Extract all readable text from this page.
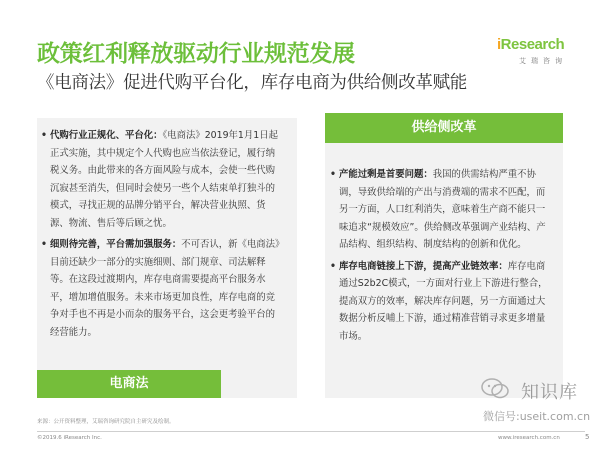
政策红利释放驱动行业规范发展
《电商法》促进代购平台化，库存电商为供给侧改革赋能
iResearch
艾瑞咨询
供给侧改革
电商法
• 代购行业正规化、平台化：《电商法》2019年1月1日起正式实施，其中规定个人代购也应当依法登记，履行纳税义务。由此带来的各方面风险与成本，会使一些代购沉寂甚至消失，但同时会使另一些个人结束单打独斗的模式，寻找正规的品牌分销平台，解决营业执照、货源、物流、售后等后顾之忧。
• 细则待完善，平台需加强服务：不可否认，新《电商法》目前还缺少一部分的实施细则、部门规章、司法解释等。在这段过渡期内，库存电商需要提高平台服务水平，增加增值服务。未来市场更加良性，库存电商的竞争对手也不再是小而杂的服务平台，这会更考验平台的经营能力。
• 产能过剩是首要问题：我国的供需结构严重不协调，导致供给端的产出与消费端的需求不匹配，而另一方面，人口红利消失，意味着生产商不能只一味追求“规模效应”。供给侧改革强调产业结构、产品结构、组织结构、制度结构的创新和优化。
• 库存电商链接上下游，提高产业链效率：库存电商通过S2b2C模式，一方面对行业上下游进行整合，提高双方的效率，解决库存问题，另一方面通过大数据分析反哺上下游，通过精准营销寻求更多增量市场。
来源：公开资料整理，艾瑞咨询研究院自主研究及绘制。
©2019.6 iResearch Inc.	www.iresearch.com.cn	5
知识库
微信号:useit.com.cn
